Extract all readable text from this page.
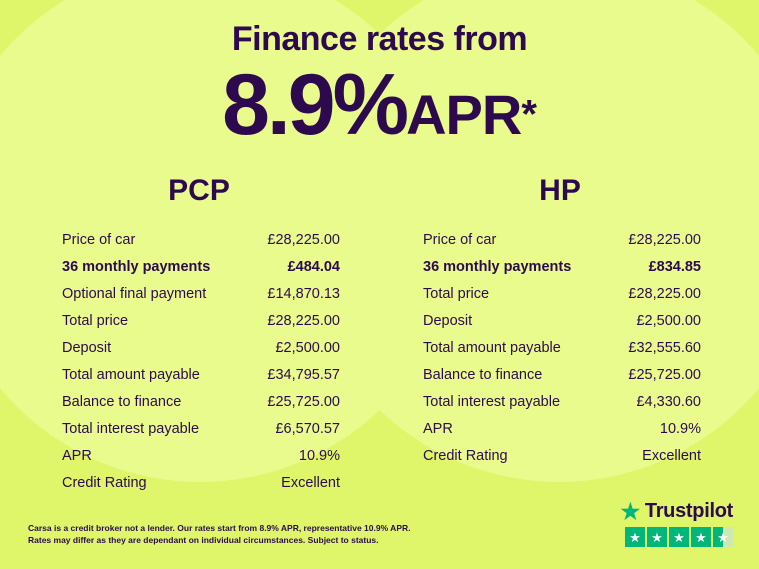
Finance rates from
8.9%APR*
PCP
Price of car	£28,225.00
36 monthly payments	£484.04
Optional final payment	£14,870.13
Total price	£28,225.00
Deposit	£2,500.00
Total amount payable	£34,795.57
Balance to finance	£25,725.00
Total interest payable	£6,570.57
APR	10.9%
Credit Rating	Excellent
HP
Price of car	£28,225.00
36 monthly payments	£834.85
Total price	£28,225.00
Deposit	£2,500.00
Total amount payable	£32,555.60
Balance to finance	£25,725.00
Total interest payable	£4,330.60
APR	10.9%
Credit Rating	Excellent
Carsa is a credit broker not a lender. Our rates start from 8.9% APR, representative 10.9% APR.
Rates may differ as they are dependant on individual circumstances. Subject to status.
★ Trustpilot
★ ★ ★ ★ ★
